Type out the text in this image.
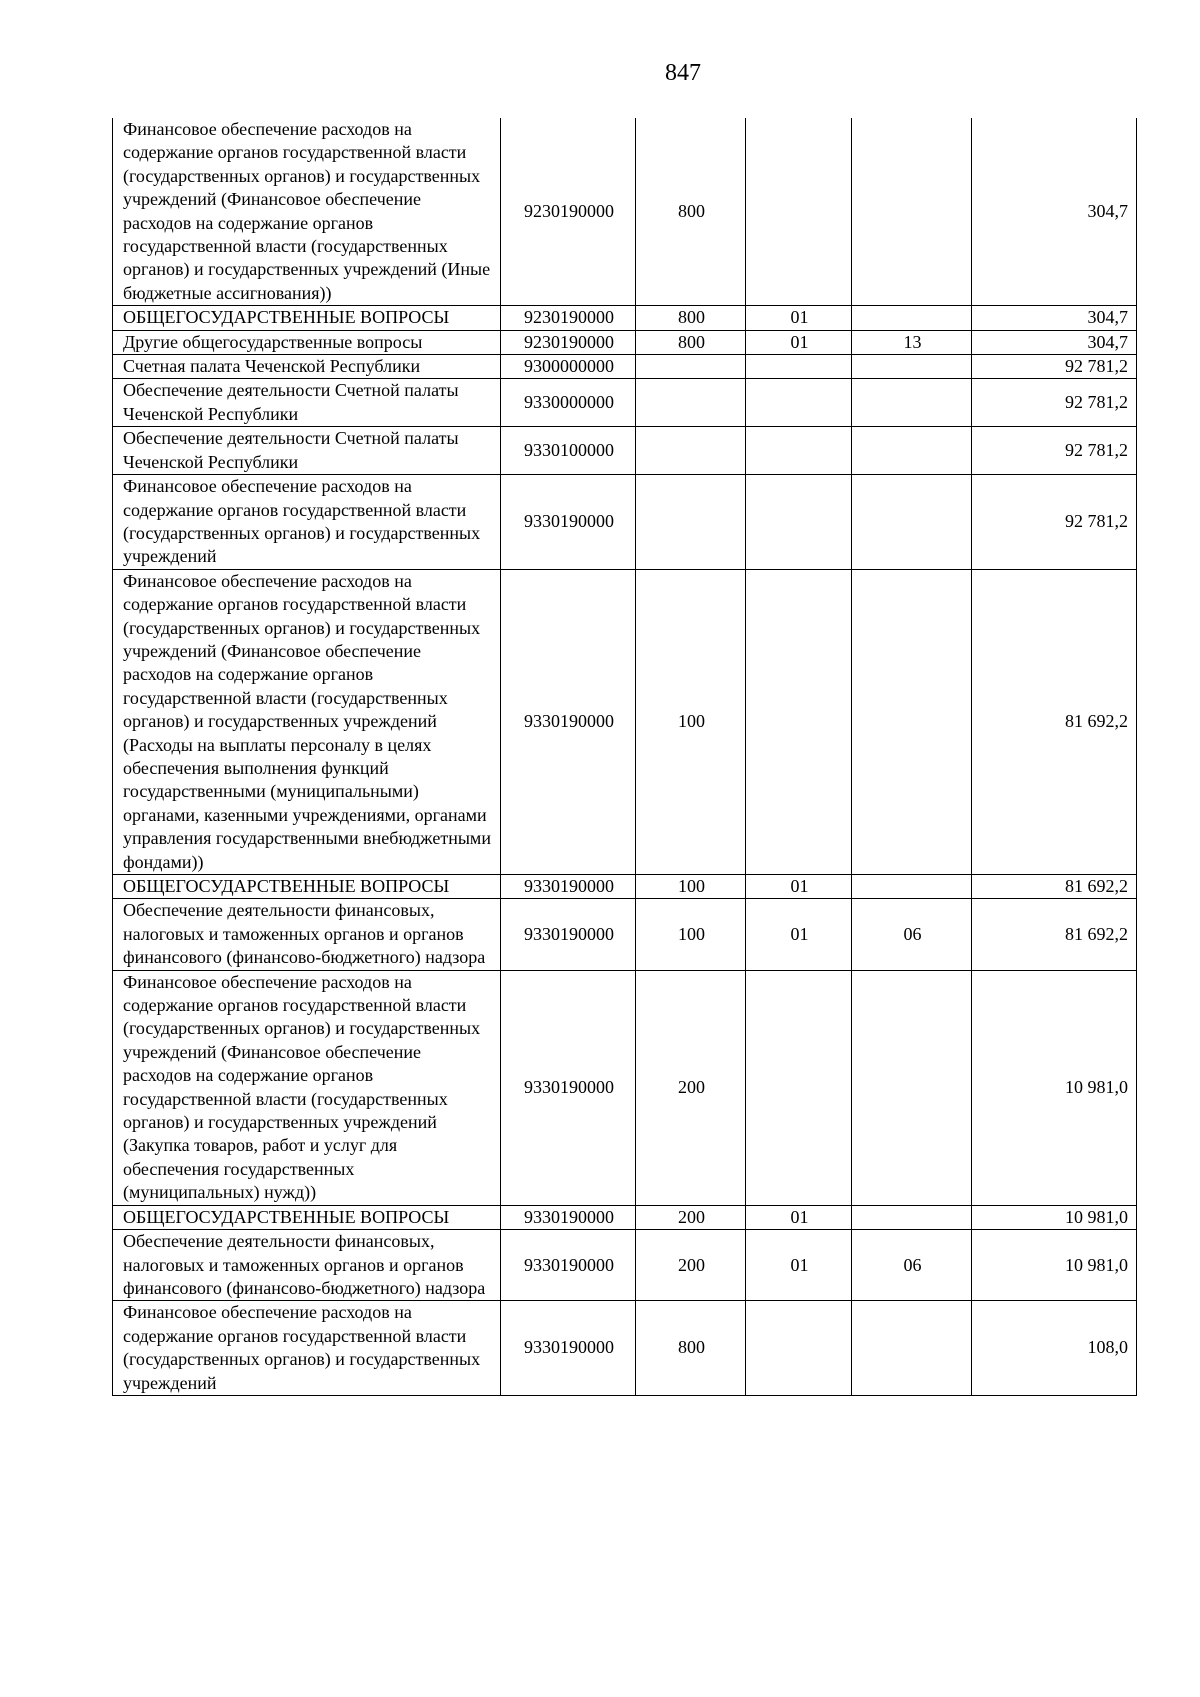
847
Финансовое обеспечение расходов на содержание органов государственной власти (государственных органов) и государственных учреждений (Финансовое обеспечение расходов на содержание органов государственной власти (государственных органов) и государственных учреждений (Иные бюджетные ассигнования))	9230190000	800			304,7
ОБЩЕГОСУДАРСТВЕННЫЕ ВОПРОСЫ	9230190000	800	01		304,7
Другие общегосударственные вопросы	9230190000	800	01	13	304,7
Счетная палата Чеченской Республики	9300000000				92 781,2
Обеспечение деятельности Счетной палаты Чеченской Республики	9330000000				92 781,2
Обеспечение деятельности Счетной палаты Чеченской Республики	9330100000				92 781,2
Финансовое обеспечение расходов на содержание органов государственной власти (государственных органов) и государственных учреждений	9330190000				92 781,2
Финансовое обеспечение расходов на содержание органов государственной власти (государственных органов) и государственных учреждений (Финансовое обеспечение расходов на содержание органов государственной власти (государственных органов) и государственных учреждений (Расходы на выплаты персоналу в целях обеспечения выполнения функций государственными (муниципальными) органами, казенными учреждениями, органами управления государственными внебюджетными фондами))	9330190000	100			81 692,2
ОБЩЕГОСУДАРСТВЕННЫЕ ВОПРОСЫ	9330190000	100	01		81 692,2
Обеспечение деятельности финансовых, налоговых и таможенных органов и органов финансового (финансово-бюджетного) надзора	9330190000	100	01	06	81 692,2
Финансовое обеспечение расходов на содержание органов государственной власти (государственных органов) и государственных учреждений (Финансовое обеспечение расходов на содержание органов государственной власти (государственных органов) и государственных учреждений (Закупка товаров, работ и услуг для обеспечения государственных (муниципальных) нужд))	9330190000	200			10 981,0
ОБЩЕГОСУДАРСТВЕННЫЕ ВОПРОСЫ	9330190000	200	01		10 981,0
Обеспечение деятельности финансовых, налоговых и таможенных органов и органов финансового (финансово-бюджетного) надзора	9330190000	200	01	06	10 981,0
Финансовое обеспечение расходов на содержание органов государственной власти (государственных органов) и государственных учреждений	9330190000	800			108,0
